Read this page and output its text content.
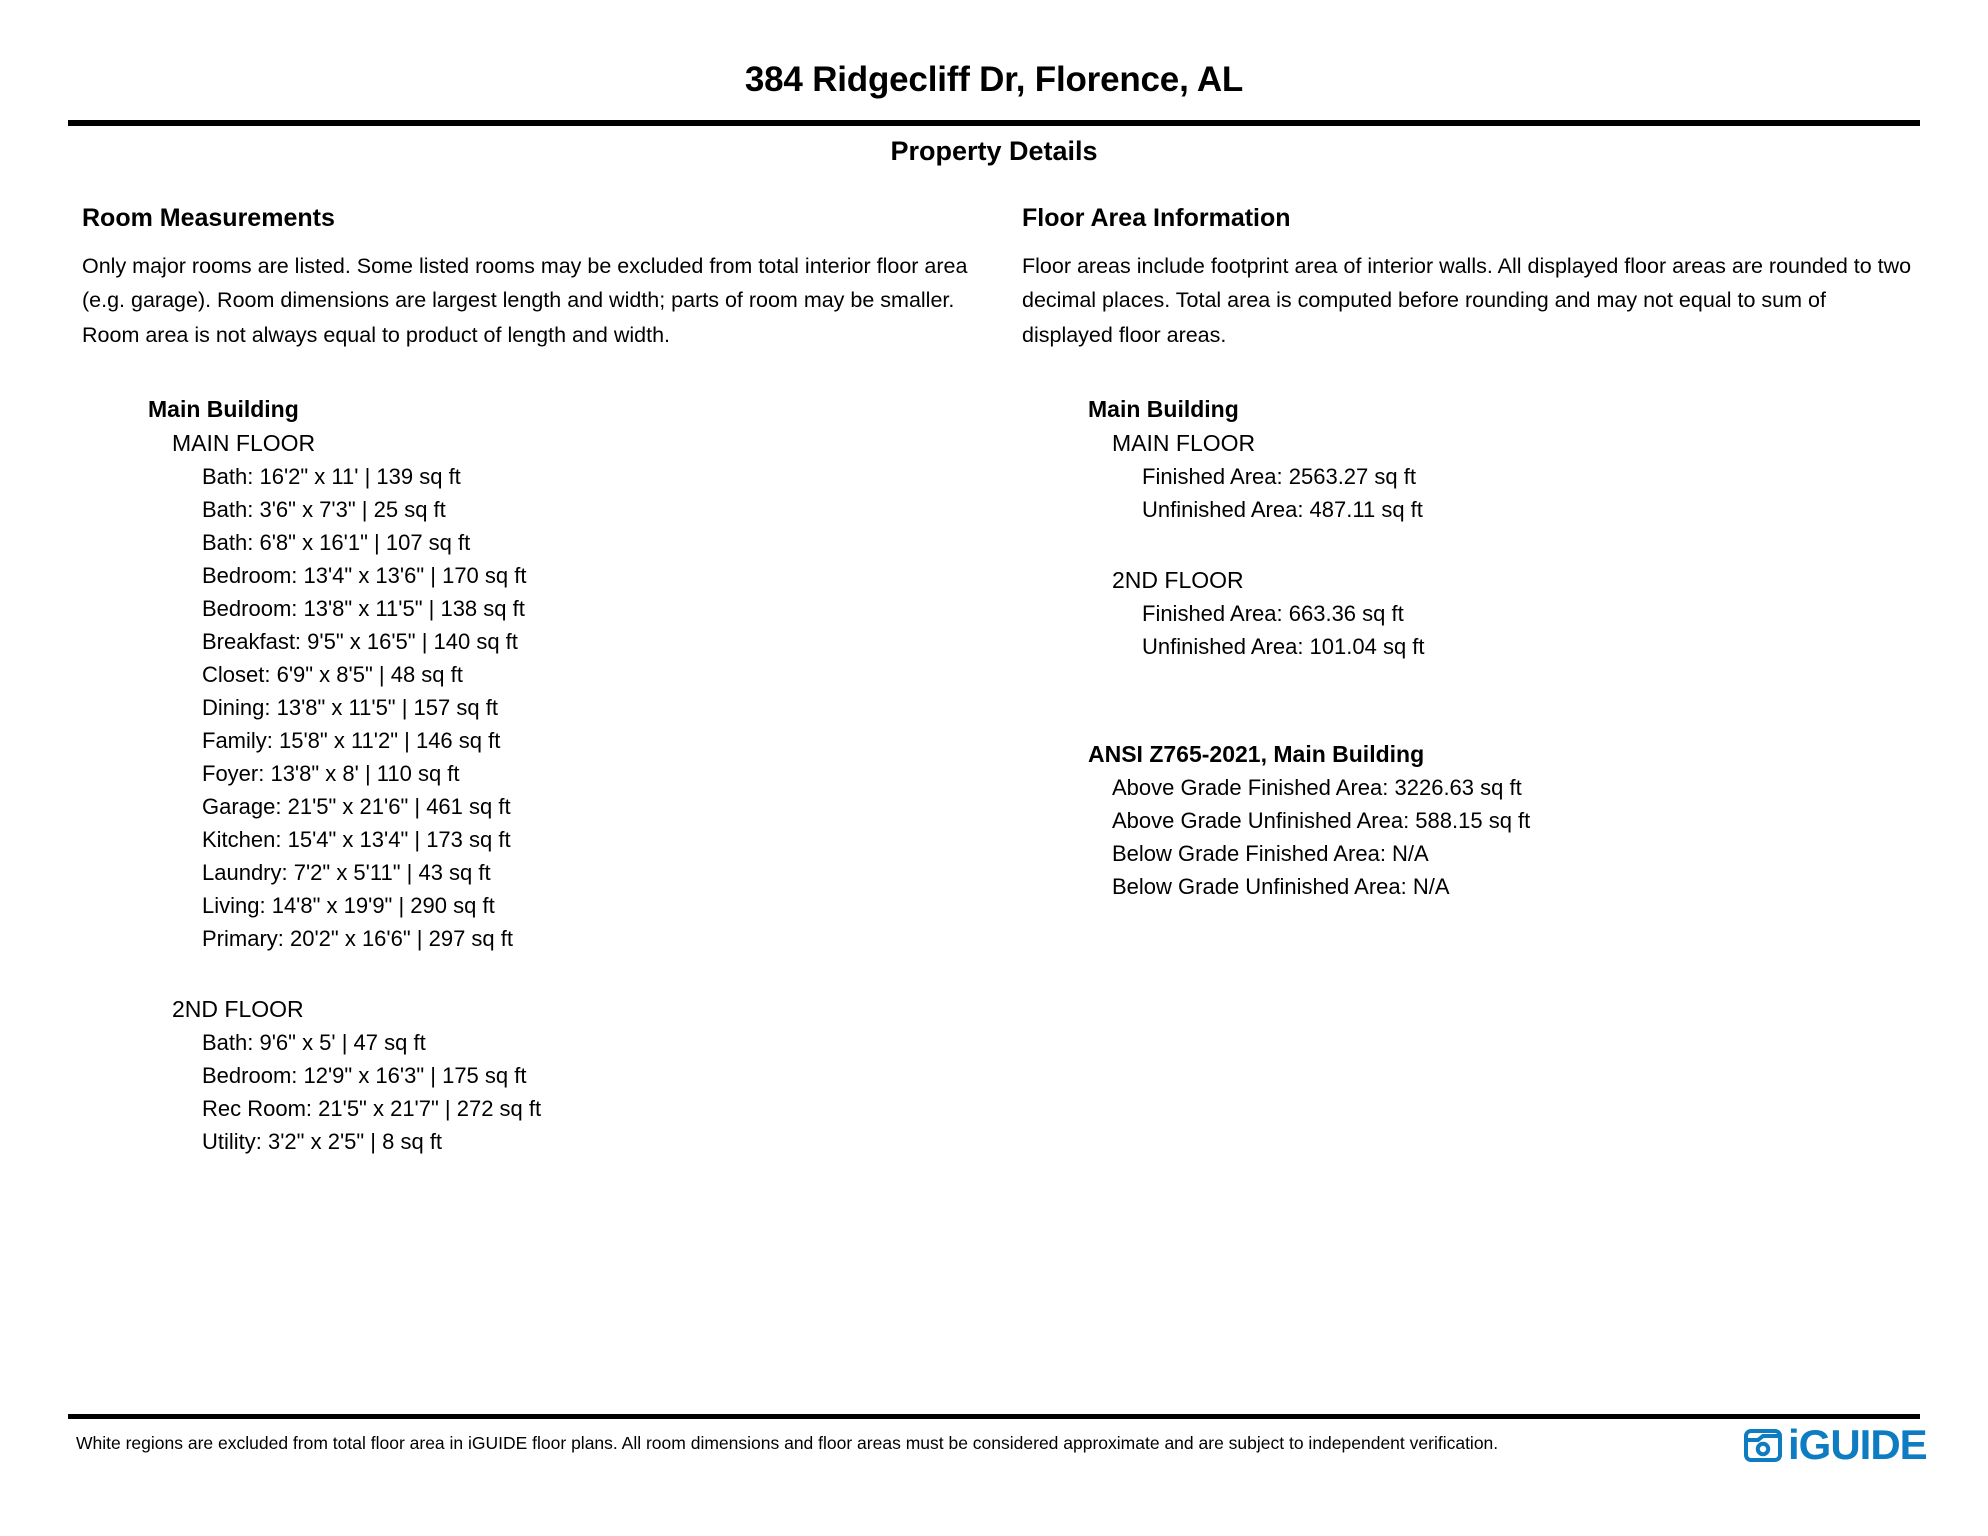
384 Ridgecliff Dr, Florence, AL
Property Details
Room Measurements

Only major rooms are listed. Some listed rooms may be excluded from total interior floor area (e.g. garage). Room dimensions are largest length and width; parts of room may be smaller. Room area is not always equal to product of length and width.

Main Building
MAIN FLOOR
Bath: 16'2" x 11' | 139 sq ft
Bath: 3'6" x 7'3" | 25 sq ft
Bath: 6'8" x 16'1" | 107 sq ft
Bedroom: 13'4" x 13'6" | 170 sq ft
Bedroom: 13'8" x 11'5" | 138 sq ft
Breakfast: 9'5" x 16'5" | 140 sq ft
Closet: 6'9" x 8'5" | 48 sq ft
Dining: 13'8" x 11'5" | 157 sq ft
Family: 15'8" x 11'2" | 146 sq ft
Foyer: 13'8" x 8' | 110 sq ft
Garage: 21'5" x 21'6" | 461 sq ft
Kitchen: 15'4" x 13'4" | 173 sq ft
Laundry: 7'2" x 5'11" | 43 sq ft
Living: 14'8" x 19'9" | 290 sq ft
Primary: 20'2" x 16'6" | 297 sq ft
2ND FLOOR
Bath: 9'6" x 5' | 47 sq ft
Bedroom: 12'9" x 16'3" | 175 sq ft
Rec Room: 21'5" x 21'7" | 272 sq ft
Utility: 3'2" x 2'5" | 8 sq ft
Floor Area Information

Floor areas include footprint area of interior walls. All displayed floor areas are rounded to two decimal places. Total area is computed before rounding and may not equal to sum of displayed floor areas.

Main Building
MAIN FLOOR
Finished Area: 2563.27 sq ft
Unfinished Area: 487.11 sq ft
2ND FLOOR
Finished Area: 663.36 sq ft
Unfinished Area: 101.04 sq ft
ANSI Z765-2021, Main Building
Above Grade Finished Area: 3226.63 sq ft
Above Grade Unfinished Area: 588.15 sq ft
Below Grade Finished Area: N/A
Below Grade Unfinished Area: N/A
White regions are excluded from total floor area in iGUIDE floor plans. All room dimensions and floor areas must be considered approximate and are subject to independent verification.	iGUIDE
